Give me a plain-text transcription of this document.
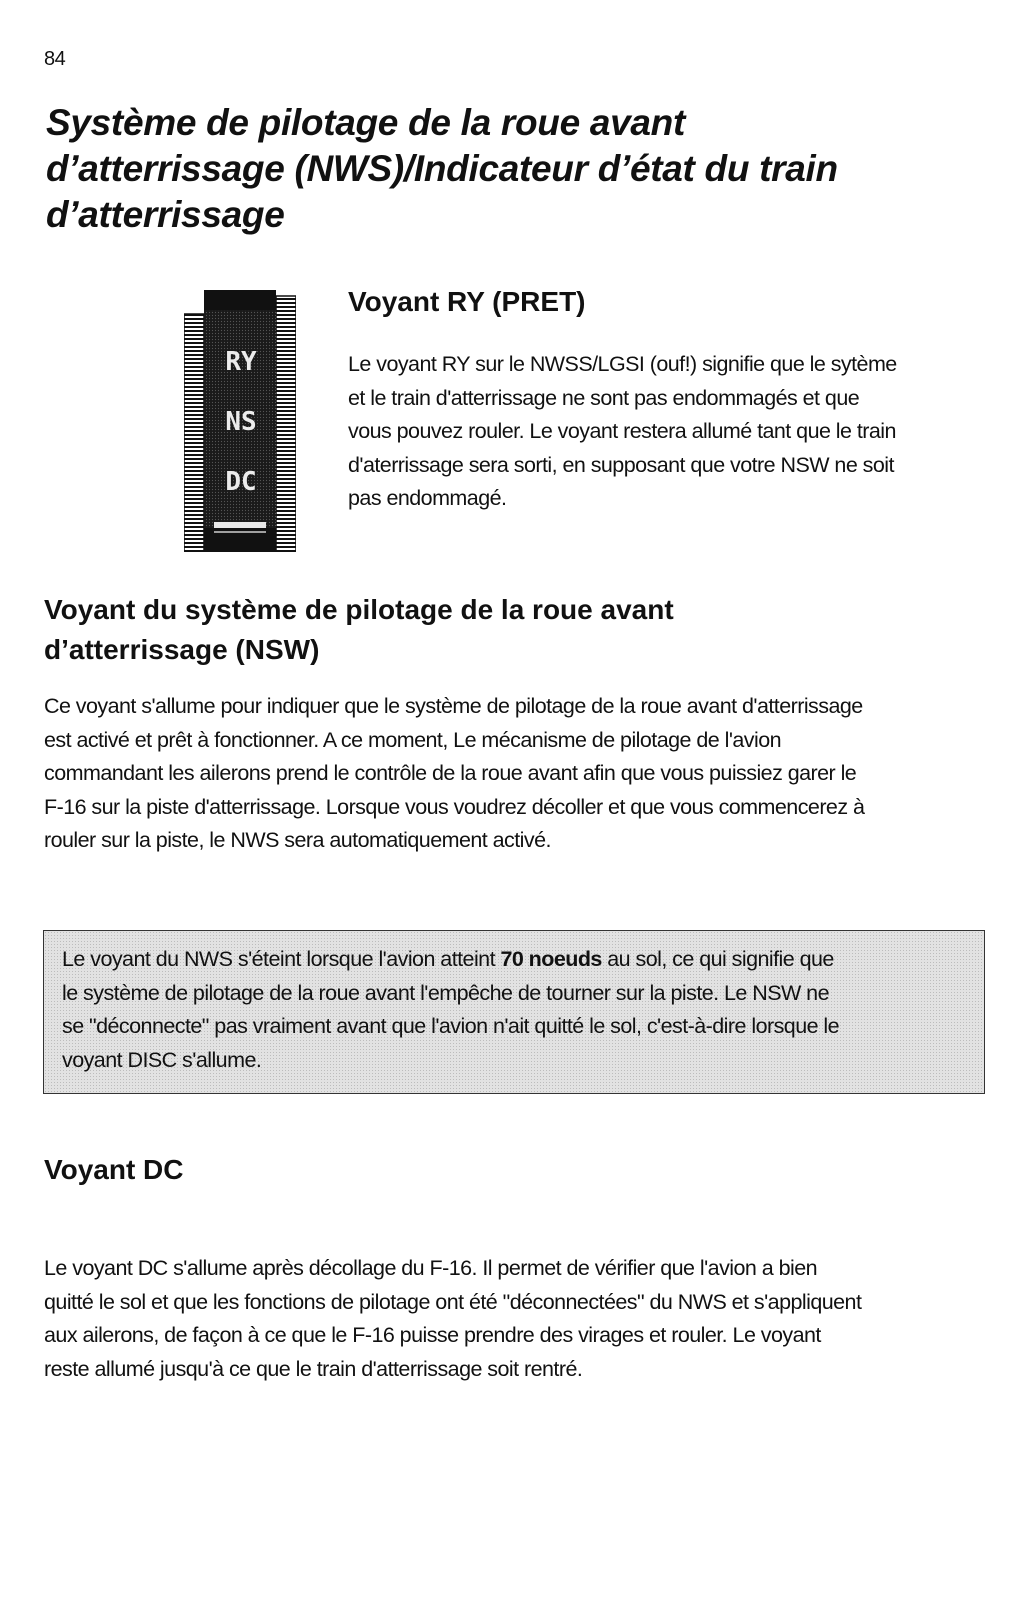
84
Système de pilotage de la roue avant
d’atterrissage (NWS)/Indicateur d’état du train
d’atterrissage
RY
NS
DC
Voyant RY (PRET)

Le voyant RY sur le NWSS/LGSI (ouf!) signifie que le sytème
et le train d'atterrissage ne sont pas endommagés et que
vous pouvez rouler. Le voyant restera allumé tant que le train
d'aterrissage sera sorti, en supposant que votre NSW ne soit
pas endommagé.

Voyant du système de pilotage de la roue avant
d’atterrissage (NSW)

Ce voyant s'allume pour indiquer que le système de pilotage de la roue avant d'atterrissage
est activé et prêt à fonctionner. A ce moment, Le mécanisme de pilotage de l'avion
commandant les ailerons prend le contrôle de la roue avant afin que vous puissiez garer le
F-16 sur la piste d'atterrissage. Lorsque vous voudrez décoller et que vous commencerez à
rouler sur la piste, le NWS sera automatiquement activé.

Le voyant du NWS s'éteint lorsque l'avion atteint 70 noeuds au sol, ce qui signifie que
le système de pilotage de la roue avant l'empêche de tourner sur la piste. Le NSW ne
se "déconnecte" pas vraiment avant que l'avion n'ait quitté le sol, c'est-à-dire lorsque le
voyant DISC s'allume.

Voyant DC

Le voyant DC s'allume après décollage du F-16. Il permet de vérifier que l'avion a bien
quitté le sol et que les fonctions de pilotage ont été "déconnectées" du NWS et s'appliquent
aux ailerons, de façon à ce que le F-16 puisse prendre des virages et rouler. Le voyant
reste allumé jusqu'à ce que le train d'atterrissage soit rentré.
